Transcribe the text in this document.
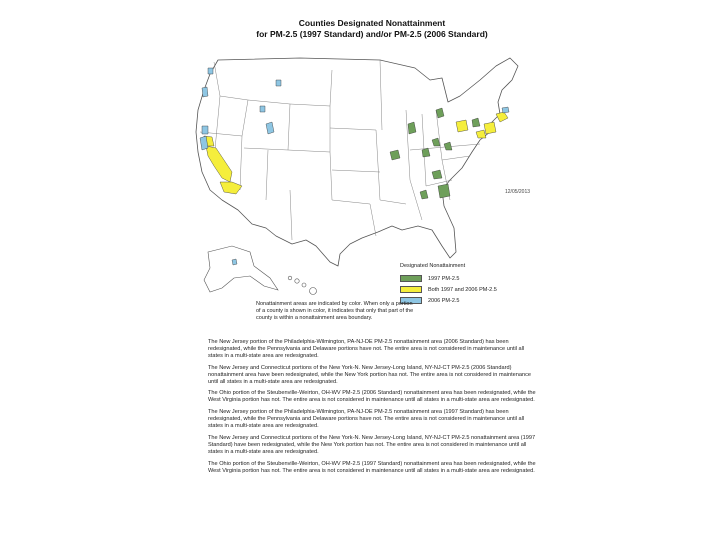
Counties Designated Nonattainment
for PM-2.5 (1997 Standard) and/or PM-2.5 (2006 Standard)
12/05/2013
Designated Nonattainment
1997 PM-2.5
Both 1997 and 2006 PM-2.5
2006 PM-2.5
Nonattainment areas are indicated by color. When only a portion of a county is shown in color, it indicates that only that part of the county is within a nonattainment area boundary.

The New Jersey portion of the Philadelphia-Wilmington, PA-NJ-DE PM-2.5 nonattainment area (2006 Standard) has been redesignated, while the Pennsylvania and Delaware portions have not. The entire area is not considered in maintenance until all states in a multi-state area are redesignated.

The New Jersey and Connecticut portions of the New York-N. New Jersey-Long Island, NY-NJ-CT PM-2.5 (2006 Standard) nonattainment area have been redesignated, while the New York portion has not. The entire area is not considered in maintenance until all states in a multi-state area are redesignated.

The Ohio portion of the Steubenville-Weirton, OH-WV PM-2.5 (2006 Standard) nonattainment area has been redesignated, while the West Virginia portion has not. The entire area is not considered in maintenance until all states in a multi-state area are redesignated.

The New Jersey portion of the Philadelphia-Wilmington, PA-NJ-DE PM-2.5 nonattainment area (1997 Standard) has been redesignated, while the Pennsylvania and Delaware portions have not. The entire area is not considered in maintenance until all states in a multi-state area are redesignated.

The New Jersey and Connecticut portions of the New York-N. New Jersey-Long Island, NY-NJ-CT PM-2.5 nonattainment area (1997 Standard) have been redesignated, while the New York portion has not. The entire area is not considered in maintenance until all states in a multi-state area are redesignated.

The Ohio portion of the Steubenville-Weirton, OH-WV PM-2.5 (1997 Standard) nonattainment area has been redesignated, while the West Virginia portion has not. The entire area is not considered in maintenance until all states in a multi-state area are redesignated.
